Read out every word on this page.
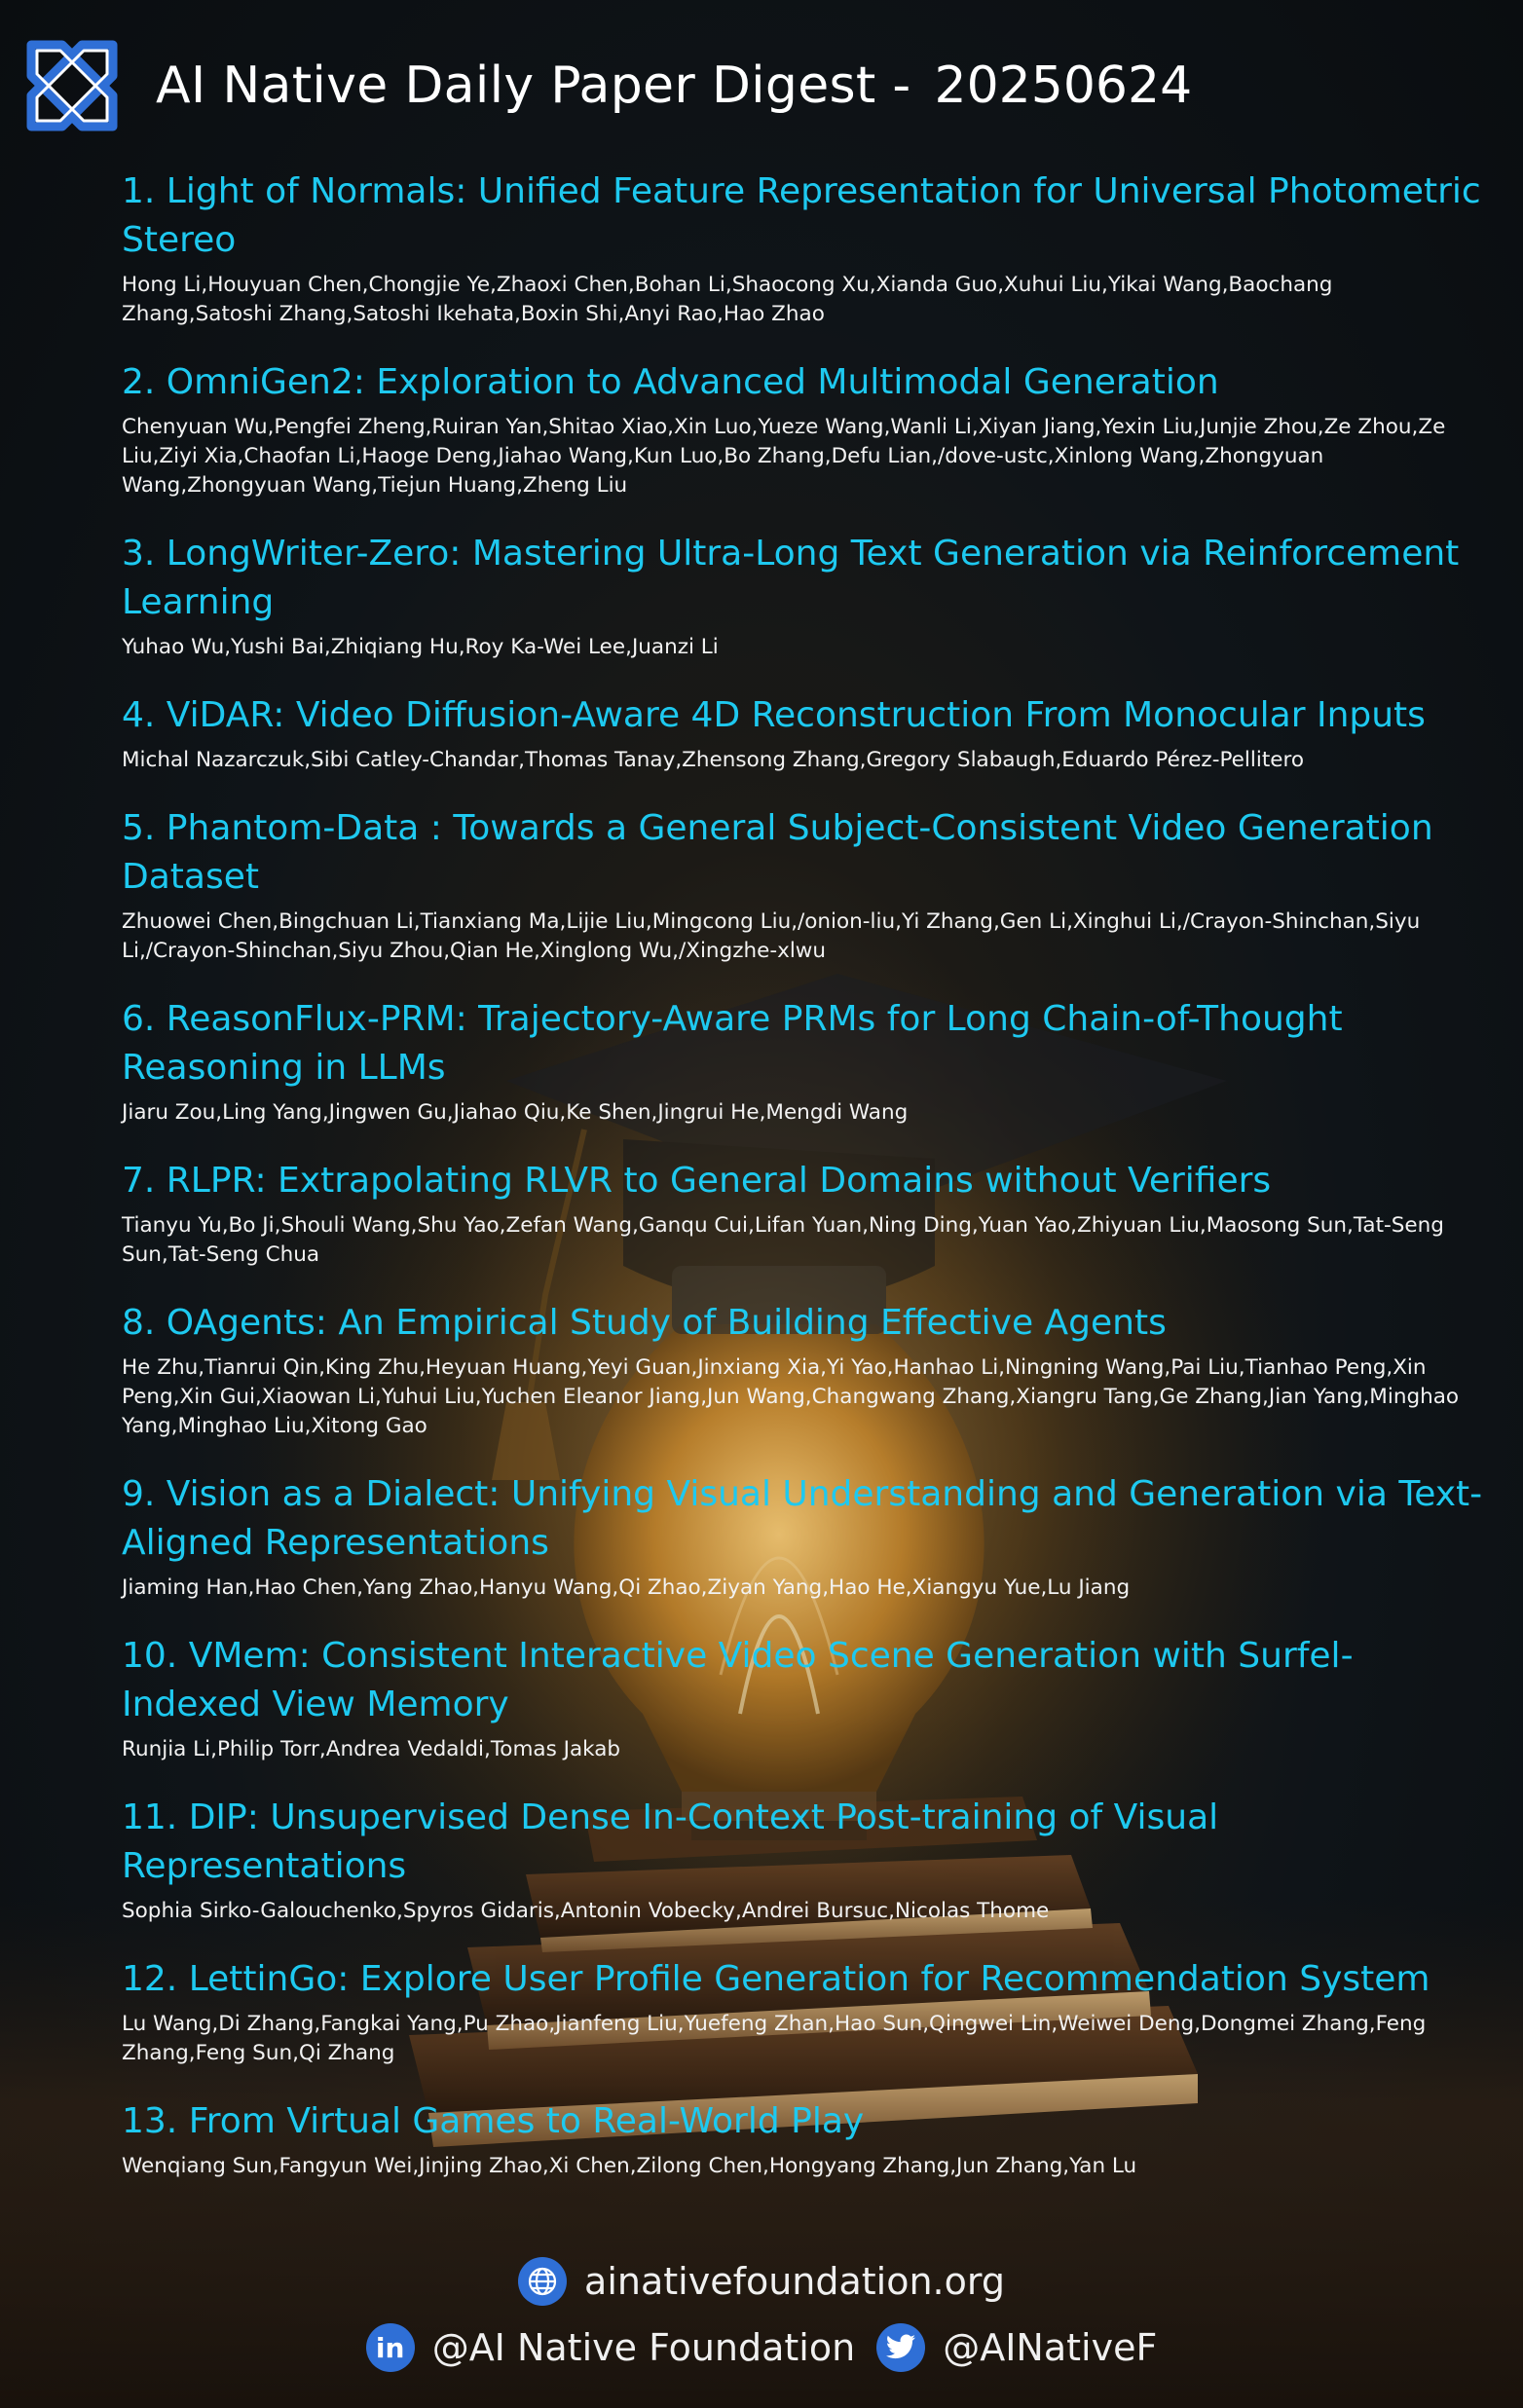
AI Native Daily Paper Digest - 20250624
1. Light of Normals: Unified Feature Representation for Universal Photometric Stereo
Hong Li,Houyuan Chen,Chongjie Ye,Zhaoxi Chen,Bohan Li,Shaocong Xu,Xianda Guo,Xuhui Liu,Yikai Wang,Baochang Zhang,Satoshi Zhang,Satoshi Ikehata,Boxin Shi,Anyi Rao,Hao Zhao
2. OmniGen2: Exploration to Advanced Multimodal Generation
Chenyuan Wu,Pengfei Zheng,Ruiran Yan,Shitao Xiao,Xin Luo,Yueze Wang,Wanli Li,Xiyan Jiang,Yexin Liu,Junjie Zhou,Ze Zhou,Ze Liu,Ziyi Xia,Chaofan Li,Haoge Deng,Jiahao Wang,Kun Luo,Bo Zhang,Defu Lian,/dove-ustc,Xinlong Wang,Zhongyuan Wang,Zhongyuan Wang,Tiejun Huang,Zheng Liu
3. LongWriter-Zero: Mastering Ultra-Long Text Generation via Reinforcement Learning
Yuhao Wu,Yushi Bai,Zhiqiang Hu,Roy Ka-Wei Lee,Juanzi Li
4. ViDAR: Video Diffusion-Aware 4D Reconstruction From Monocular Inputs
Michal Nazarczuk,Sibi Catley-Chandar,Thomas Tanay,Zhensong Zhang,Gregory Slabaugh,Eduardo Pérez-Pellitero
5. Phantom-Data : Towards a General Subject-Consistent Video Generation Dataset
Zhuowei Chen,Bingchuan Li,Tianxiang Ma,Lijie Liu,Mingcong Liu,/onion-liu,Yi Zhang,Gen Li,Xinghui Li,/Crayon-Shinchan,Siyu Li,/Crayon-Shinchan,Siyu Zhou,Qian He,Xinglong Wu,/Xingzhe-xlwu
6. ReasonFlux-PRM: Trajectory-Aware PRMs for Long Chain-of-Thought Reasoning in LLMs
Jiaru Zou,Ling Yang,Jingwen Gu,Jiahao Qiu,Ke Shen,Jingrui He,Mengdi Wang
7. RLPR: Extrapolating RLVR to General Domains without Verifiers
Tianyu Yu,Bo Ji,Shouli Wang,Shu Yao,Zefan Wang,Ganqu Cui,Lifan Yuan,Ning Ding,Yuan Yao,Zhiyuan Liu,Maosong Sun,Tat-Seng Sun,Tat-Seng Chua
8. OAgents: An Empirical Study of Building Effective Agents
He Zhu,Tianrui Qin,King Zhu,Heyuan Huang,Yeyi Guan,Jinxiang Xia,Yi Yao,Hanhao Li,Ningning Wang,Pai Liu,Tianhao Peng,Xin Peng,Xin Gui,Xiaowan Li,Yuhui Liu,Yuchen Eleanor Jiang,Jun Wang,Changwang Zhang,Xiangru Tang,Ge Zhang,Jian Yang,Minghao Yang,Minghao Liu,Xitong Gao
9. Vision as a Dialect: Unifying Visual Understanding and Generation via Text-Aligned Representations
Jiaming Han,Hao Chen,Yang Zhao,Hanyu Wang,Qi Zhao,Ziyan Yang,Hao He,Xiangyu Yue,Lu Jiang
10. VMem: Consistent Interactive Video Scene Generation with Surfel-Indexed View Memory
Runjia Li,Philip Torr,Andrea Vedaldi,Tomas Jakab
11. DIP: Unsupervised Dense In-Context Post-training of Visual Representations
Sophia Sirko-Galouchenko,Spyros Gidaris,Antonin Vobecky,Andrei Bursuc,Nicolas Thome
12. LettinGo: Explore User Profile Generation for Recommendation System
Lu Wang,Di Zhang,Fangkai Yang,Pu Zhao,Jianfeng Liu,Yuefeng Zhan,Hao Sun,Qingwei Lin,Weiwei Deng,Dongmei Zhang,Feng Zhang,Feng Sun,Qi Zhang
13. From Virtual Games to Real-World Play
Wenqiang Sun,Fangyun Wei,Jinjing Zhao,Xi Chen,Zilong Chen,Hongyang Zhang,Jun Zhang,Yan Lu
ainativefoundation.org
in @AI Native Foundation @AINativeF
